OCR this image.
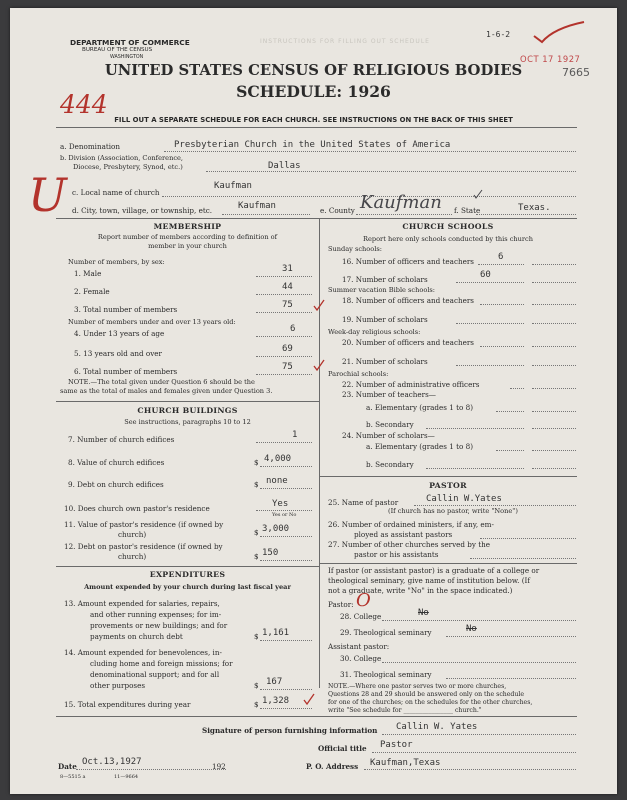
DEPARTMENT OF COMMERCE
BUREAU OF THE CENSUS
WASHINGTON
INSTRUCTIONS FOR FILLING OUT SCHEDULE
1-6-2
OCT 17 1927
7665
UNITED STATES CENSUS OF RELIGIOUS BODIES
SCHEDULE: 1926
444
FILL OUT A SEPARATE SCHEDULE FOR EACH CHURCH. SEE INSTRUCTIONS ON THE BACK OF THIS SHEET
a. Denomination	Presbyterian Church in the United States of America
b. Division (Association, Conference,
Diocese, Presbytery, Synod, etc.)	Dallas
U c. Local name of church
Kaufman
d. City, town, village, or township, etc.	Kaufman	e. County Kaufman f. State	Texas.
MEMBERSHIP
Report number of members according to definition of
member in your church
Number of members, by sex:
1. Male	31
2. Female	44
3. Total number of members	75
Number of members under and over 13 years old:
4. Under 13 years of age	6
5. 13 years old and over	69
6. Total number of members	75
NOTE.—The total given under Question 6 should be the
same as the total of males and females given under Question 3.
CHURCH BUILDINGS
See instructions, paragraphs 10 to 12
7. Number of church edifices	1
8. Value of church edifices	$ 4,000
9. Debt on church edifices	$ none
10. Does church own pastor's residence	Yes
Yes or No
11. Value of pastor's residence (if owned by
church)	$ 3,000
12. Debt on pastor's residence (if owned by
church)	$ 150
EXPENDITURES
Amount expended by your church during last fiscal year
13. Amount expended for salaries, repairs,
and other running expenses; for im-
provements or new buildings; and for
payments on church debt	$ 1,161
14. Amount expended for benevolences, in-
cluding home and foreign missions; for
denominational support; and for all
other purposes	$ 167
15. Total expenditures during year	$ 1,328
CHURCH SCHOOLS
Report here only schools conducted by this church
Sunday schools:
16. Number of officers and teachers	6
17. Number of scholars	60
Summer vacation Bible schools:
18. Number of officers and teachers
19. Number of scholars
Week-day religious schools:
20. Number of officers and teachers
21. Number of scholars
Parochial schools:
22. Number of administrative officers
23. Number of teachers—
a. Elementary (grades 1 to 8)
b. Secondary
24. Number of scholars—
a. Elementary (grades 1 to 8)
b. Secondary
PASTOR
25. Name of pastor	Callin W.Yates
(If church has no pastor, write "None")
26. Number of ordained ministers, if any, em-
ployed as assistant pastors
27. Number of other churches served by the
pastor or his assistants
If pastor (or assistant pastor) is a graduate of a college or
theological seminary, give name of institution below. (If
not a graduate, write "No" in the space indicated.)
Pastor: O
28. College	No
29. Theological seminary	No
Assistant pastor:
30. College
31. Theological seminary
NOTE.—Where one pastor serves two or more churches,
Questions 28 and 29 should be answered only on the schedule
for one of the churches; on the schedules for the other churches,
write "See schedule for ________________ church."
Signature of person furnishing information Callin W. Yates
Official title Pastor
Date Oct.13,1927	192	P. O. Address Kaufman,Texas
8—5515 a	11—9664
